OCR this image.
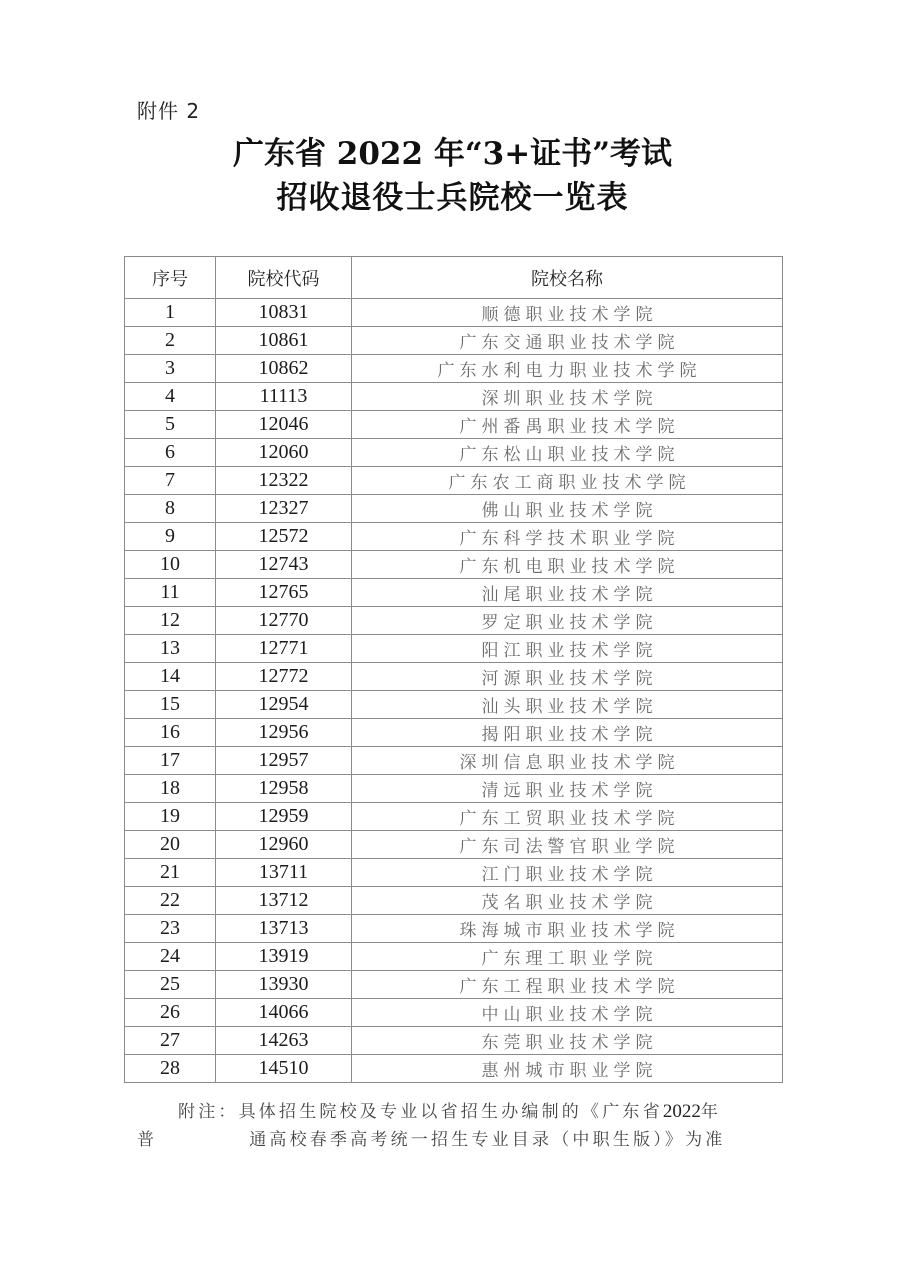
附件 2
广东省 2022 年“3+证书”考试
招收退役士兵院校一览表
序号	院校代码	院校名称
1	10831	顺德职业技术学院
2	10861	广东交通职业技术学院
3	10862	广东水利电力职业技术学院
4	11113	深圳职业技术学院
5	12046	广州番禺职业技术学院
6	12060	广东松山职业技术学院
7	12322	广东农工商职业技术学院
8	12327	佛山职业技术学院
9	12572	广东科学技术职业学院
10	12743	广东机电职业技术学院
11	12765	汕尾职业技术学院
12	12770	罗定职业技术学院
13	12771	阳江职业技术学院
14	12772	河源职业技术学院
15	12954	汕头职业技术学院
16	12956	揭阳职业技术学院
17	12957	深圳信息职业技术学院
18	12958	清远职业技术学院
19	12959	广东工贸职业技术学院
20	12960	广东司法警官职业学院
21	13711	江门职业技术学院
22	13712	茂名职业技术学院
23	13713	珠海城市职业技术学院
24	13919	广东理工职业学院
25	13930	广东工程职业技术学院
26	14066	中山职业技术学院
27	14263	东莞职业技术学院
28	14510	惠州城市职业学院
附注：具体招生院校及专业以省招生办编制的《广东省2022年
普	通高校春季高考统一招生专业目录（中职生版）》为准
